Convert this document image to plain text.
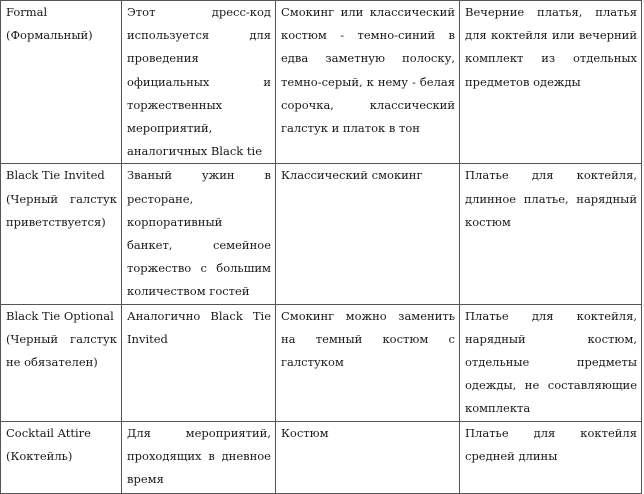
Formal
(Формальный)	Этот дресс-код используется для проведения официальных и торжественных мероприятий, аналогичных Black tie	Смокинг или классический костюм - темно-синий в едва заметную полоску, темно-серый, к нему - белая сорочка, классический галстук и платок в тон	Вечерние платья, платья для коктейля или вечерний комплект из отдельных предметов одежды

Black Tie Invited
(Черный галстук приветствуется)	Званый ужин в ресторане, корпоративный банкет, семейное торжество с большим количеством гостей	Классический смокинг	Платье для коктейля, длинное платье, нарядный костюм

Black Tie Optional
(Черный галстук не обязателен)	Аналогично Black Tie Invited	Смокинг можно заменить на темный костюм с галстуком	Платье для коктейля, нарядный костюм, отдельные предметы одежды, не составляющие комплекта

Cocktail Attire
(Коктейль)	Для мероприятий, проходящих в дневное время	Костюм	Платье для коктейля средней длины
